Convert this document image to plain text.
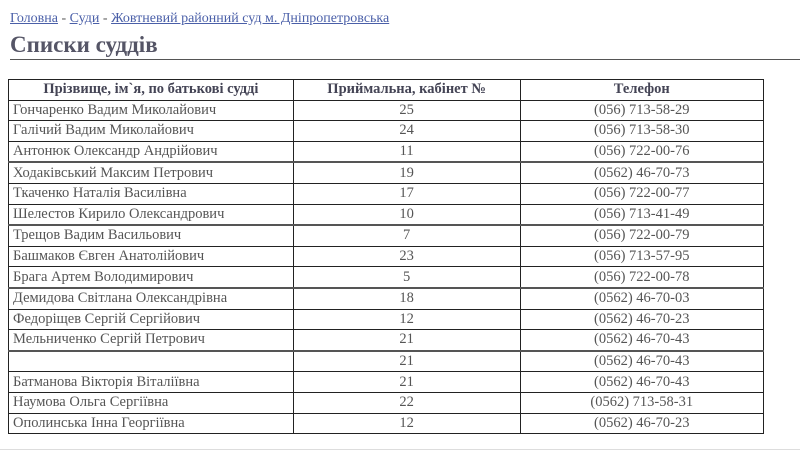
Головна - Суди - Жовтневий районний суд м. Дніпропетровська
Списки суддів
Прізвище, ім`я, по батькові судді	Приймальна, кабінет №	Телефон
Гончаренко Вадим Миколайович	25	(056) 713-58-29
Галічий Вадим Миколайович	24	(056) 713-58-30
Антонюк Олександр Андрійович	11	(056) 722-00-76
Ходаківський Максим Петрович	19	(0562) 46-70-73
Ткаченко Наталія Василівна	17	(056) 722-00-77
Шелестов Кирило Олександрович	10	(056) 713-41-49
Трещов Вадим Васильович	7	(056) 722-00-79
Башмаков Євген Анатолійович	23	(056) 713-57-95
Брага Артем Володимирович	5	(056) 722-00-78
Демидова Світлана Олександрівна	18	(0562) 46-70-03
Федоріщев Сергій Сергійович	12	(0562) 46-70-23
Мельниченко Сергій Петрович	21	(0562) 46-70-43
	21	(0562) 46-70-43
Батманова Вікторія Віталіївна	21	(0562) 46-70-43
Наумова Ольга Сергіївна	22	(0562) 713-58-31
Ополинська Інна Георгіївна	12	(0562) 46-70-23
